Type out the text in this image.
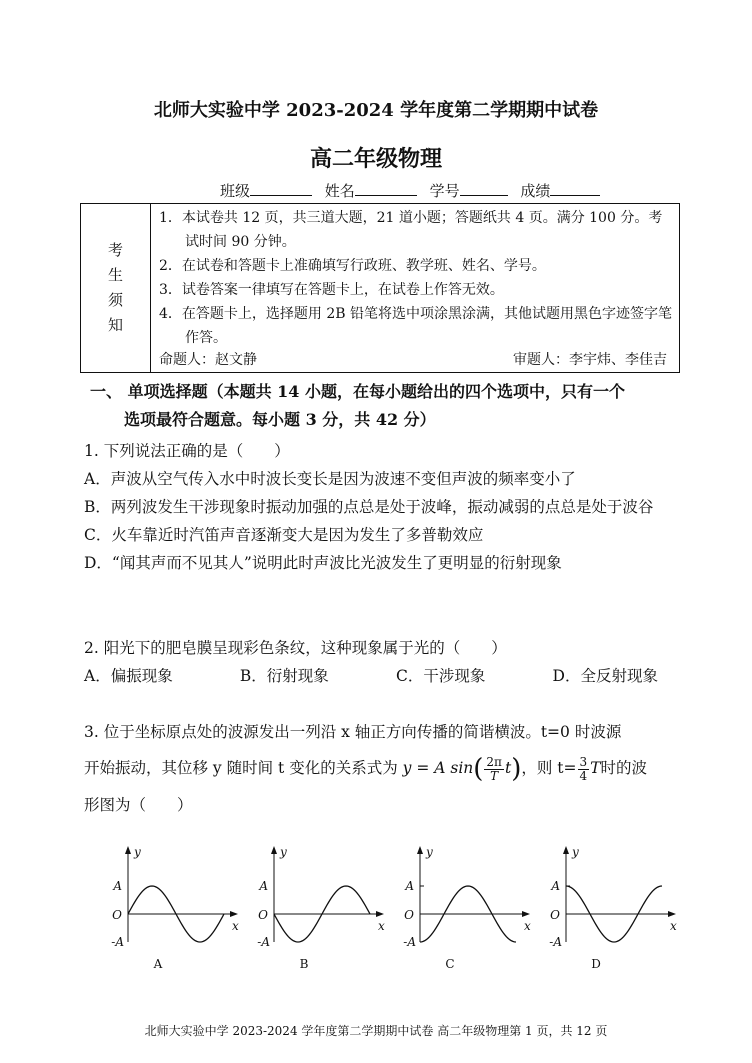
北师大实验中学 2023-2024 学年度第二学期期中试卷
高二年级物理
班级	姓名	学号	成绩
考
生
须
知
1．本试卷共 12 页，共三道大题，21 道小题；答题纸共 4 页。满分 100 分。考试时间 90 分钟。
2．在试卷和答题卡上准确填写行政班、教学班、姓名、学号。
3．试卷答案一律填写在答题卡上，在试卷上作答无效。
4．在答题卡上，选择题用 2B 铅笔将选中项涂黑涂满，其他试题用黑色字迹签字笔作答。
命题人：赵文静	审题人：李宇炜、李佳吉
一、 单项选择题（本题共 14 小题，在每小题给出的四个选项中，只有一个
选项最符合题意。每小题 3 分，共 42 分）
1. 下列说法正确的是（　　）
A．声波从空气传入水中时波长变长是因为波速不变但声波的频率变小了
B．两列波发生干涉现象时振动加强的点总是处于波峰，振动减弱的点总是处于波谷
C．火车靠近时汽笛声音逐渐变大是因为发生了多普勒效应
D．“闻其声而不见其人”说明此时声波比光波发生了更明显的衍射现象
2. 阳光下的肥皂膜呈现彩色条纹，这种现象属于光的（　　）
A．偏振现象	B．衍射现象	C．干涉现象	D．全反射现象
3. 位于坐标原点处的波源发出一列沿 x 轴正方向传播的简谐横波。t=0 时波源
开始振动，其位移 y 随时间 t 变化的关系式为 y = A $\sin( \frac{2\pi}{T} t)$，则 $t= \frac{3}{4}$ T时的波
形图为（　　）
y
x
A
O
-A
A
y
x
A
O
-A
B
y
x
A
O
-A
C
y
x
A
O
-A
D
北师大实验中学 2023-2024 学年度第二学期期中试卷 高二年级物理第 1 页，共 12 页
